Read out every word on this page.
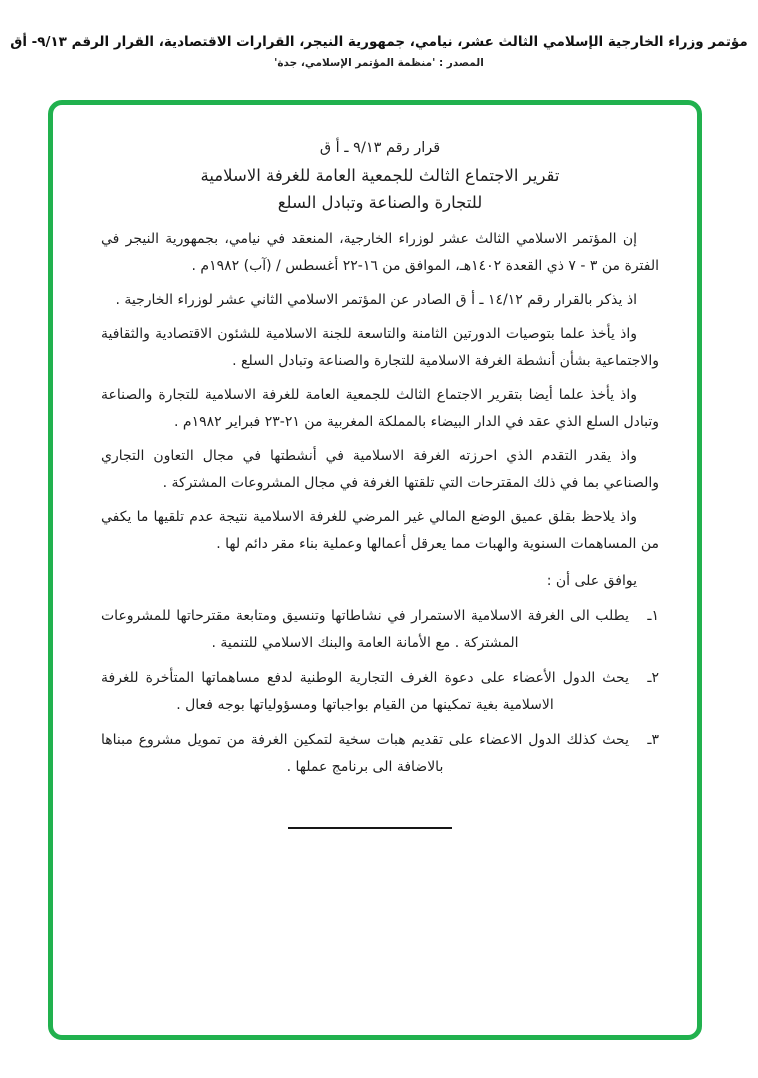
مؤتمر وزراء الخارجية الإسلامي الثالث عشر، نيامي، جمهورية النيجر، القرارات الاقتصادية، القرار الرقم ٩/١٣- أق
المصدر : 'منظمة المؤتمر الإسلامي، جدة'
قرار رقم ٩/١٣ ـ أ ق
تقرير الاجتماع الثالث للجمعية العامة للغرفة الاسلامية
للتجارة والصناعة وتبادل السلع

إن المؤتمر الاسلامي الثالث عشر لوزراء الخارجية، المنعقد في نيامي، بجمهورية النيجر في الفترة من ٣ - ٧ ذي القعدة ١٤٠٢هـ، الموافق من ١٦-٢٢ أغسطس / (آب) ١٩٨٢م .

اذ يذكر بالقرار رقم ١٤/١٢ ـ أ ق الصادر عن المؤتمر الاسلامي الثاني عشر لوزراء الخارجية .

واذ يأخذ علما بتوصيات الدورتين الثامنة والتاسعة للجنة الاسلامية للشئون الاقتصادية والثقافية والاجتماعية بشأن أنشطة الغرفة الاسلامية للتجارة والصناعة وتبادل السلع .

واذ يأخذ علما أيضا بتقرير الاجتماع الثالث للجمعية العامة للغرفة الاسلامية للتجارة والصناعة وتبادل السلع الذي عقد في الدار البيضاء بالمملكة المغربية من ٢١-٢٣ فبراير ١٩٨٢م .

واذ يقدر التقدم الذي احرزته الغرفة الاسلامية في أنشطتها في مجال التعاون التجاري والصناعي بما في ذلك المقترحات التي تلقتها الغرفة في مجال المشروعات المشتركة .

واذ يلاحظ بقلق عميق الوضع المالي غير المرضي للغرفة الاسلامية نتيجة عدم تلقيها ما يكفي من المساهمات السنوية والهبات مما يعرقل أعمالها وعملية بناء مقر دائم لها .

يوافق على أن :

١ـ
يطلب الى الغرفة الاسلامية الاستمرار في نشاطاتها وتنسيق ومتابعة مقترحاتها للمشروعات المشتركة . مع الأمانة العامة والبنك الاسلامي للتنمية .
٢ـ
يحث الدول الأعضاء على دعوة الغرف التجارية الوطنية لدفع مساهماتها المتأخرة للغرفة الاسلامية بغية تمكينها من القيام بواجباتها ومسؤولياتها بوجه فعال .
٣ـ
يحث كذلك الدول الاعضاء على تقديم هبات سخية لتمكين الغرفة من تمويل مشروع مبناها بالاضافة الى برنامج عملها .
